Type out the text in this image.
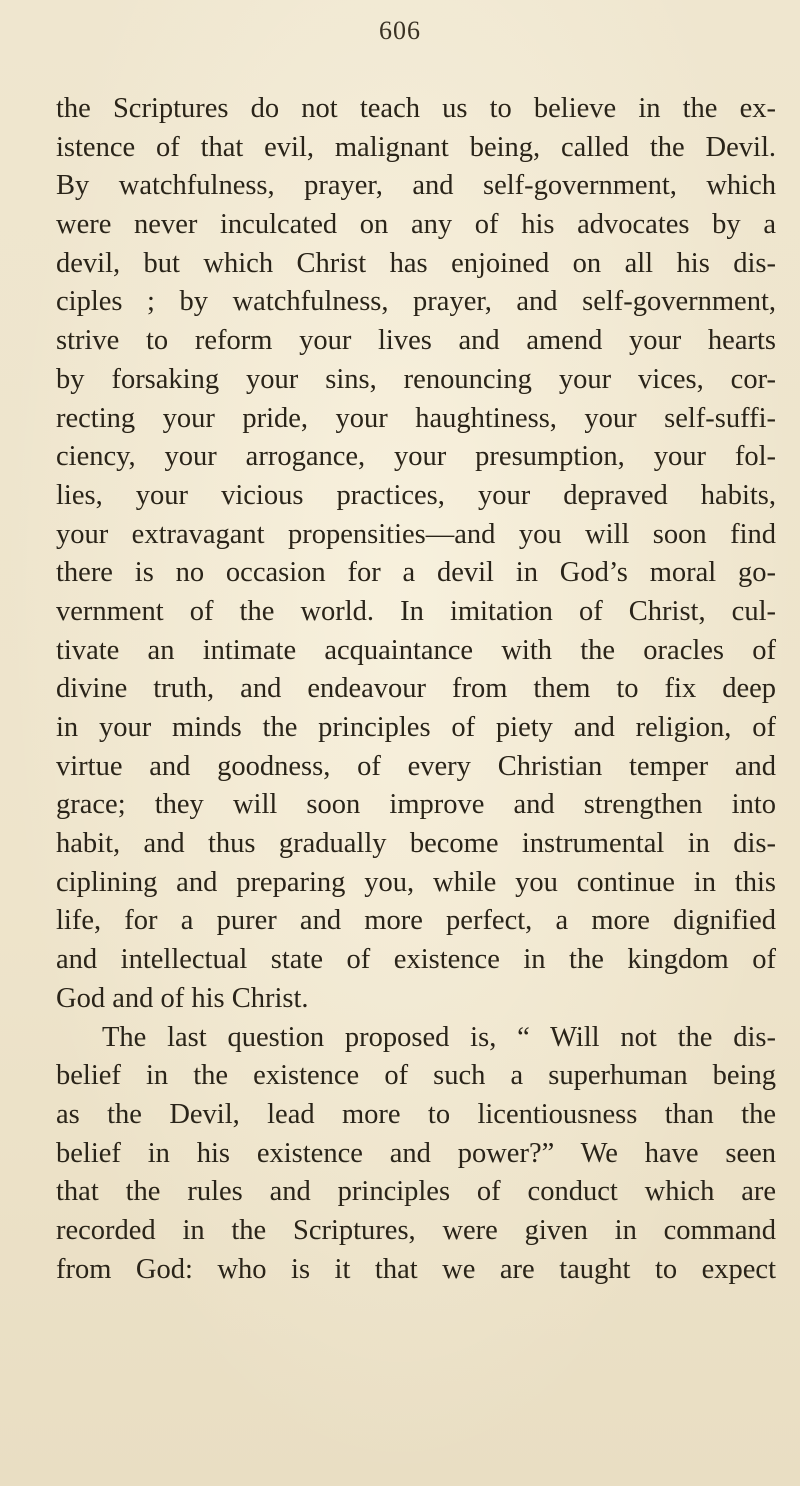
606
the Scriptures do not teach us to believe in the ex-
istence of that evil, malignant being, called the Devil.
By watchfulness, prayer, and self-government, which
were never inculcated on any of his advocates by a
devil, but which Christ has enjoined on all his dis-
ciples ; by watchfulness, prayer, and self-government,
strive to reform your lives and amend your hearts
by forsaking your sins, renouncing your vices, cor-
recting your pride, your haughtiness, your self-suffi-
ciency, your arrogance, your presumption, your fol-
lies, your vicious practices, your depraved habits,
your extravagant propensities—and you will soon find
there is no occasion for a devil in God’s moral go-
vernment of the world. In imitation of Christ, cul-
tivate an intimate acquaintance with the oracles of
divine truth, and endeavour from them to fix deep
in your minds the principles of piety and religion, of
virtue and goodness, of every Christian temper and
grace; they will soon improve and strengthen into
habit, and thus gradually become instrumental in dis-
ciplining and preparing you, while you continue in this
life, for a purer and more perfect, a more dignified
and intellectual state of existence in the kingdom of
God and of his Christ.
The last question proposed is, “ Will not the dis-
belief in the existence of such a superhuman being
as the Devil, lead more to licentiousness than the
belief in his existence and power?” We have seen
that the rules and principles of conduct which are
recorded in the Scriptures, were given in command
from God: who is it that we are taught to expect
